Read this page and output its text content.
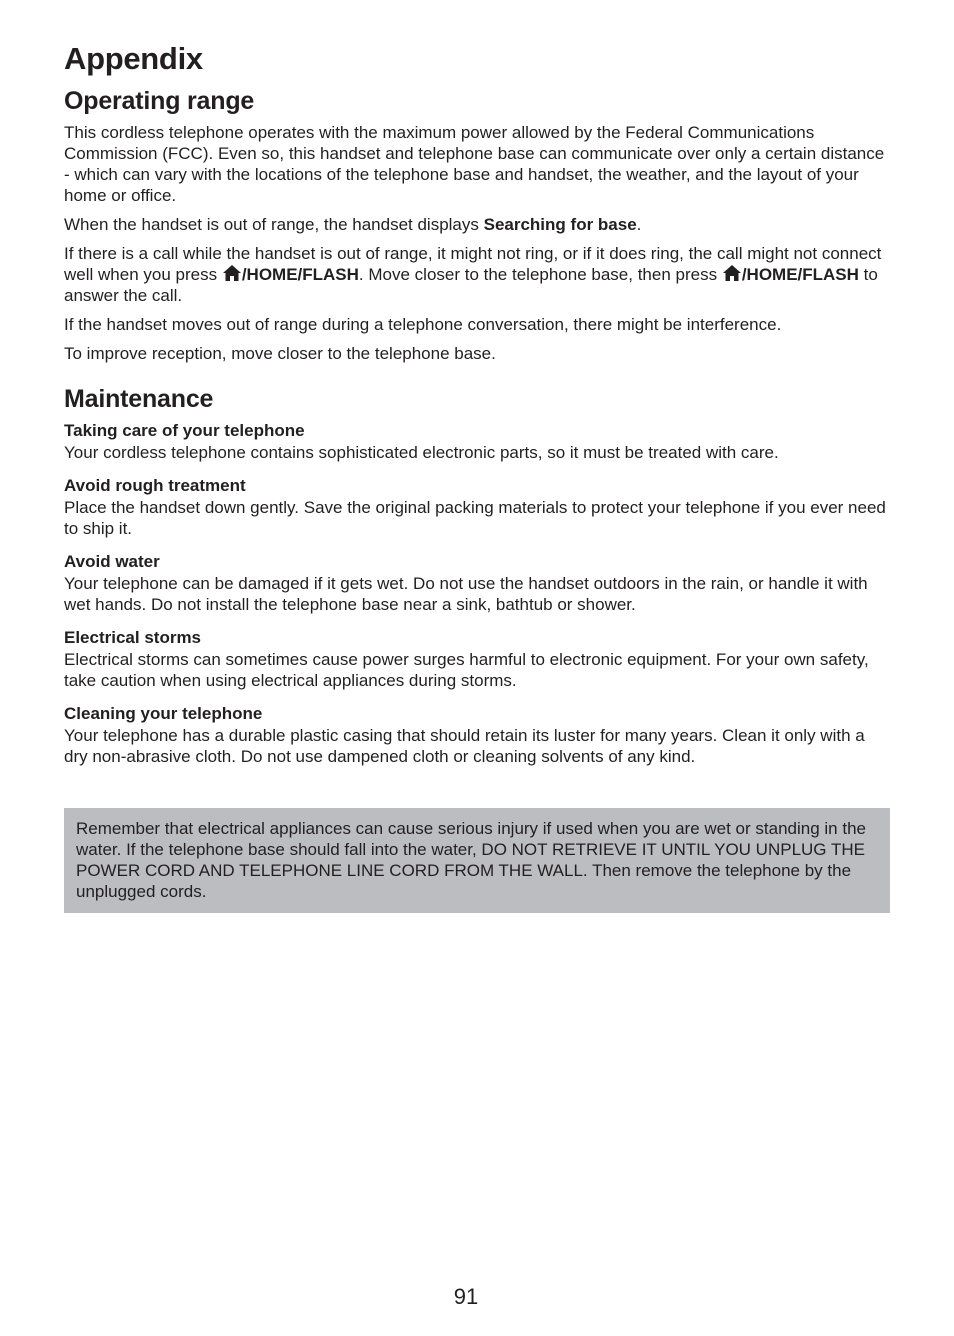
Appendix
Operating range

This cordless telephone operates with the maximum power allowed by the Federal Communications Commission (FCC). Even so, this handset and telephone base can communicate over only a certain distance - which can vary with the locations of the telephone base and handset, the weather, and the layout of your home or office.

When the handset is out of range, the handset displays Searching for base.

If there is a call while the handset is out of range, it might not ring, or if it does ring, the call might not connect well when you press /HOME/FLASH. Move closer to the telephone base, then press /HOME/FLASH to answer the call.

If the handset moves out of range during a telephone conversation, there might be interference.

To improve reception, move closer to the telephone base.

Maintenance
Taking care of your telephone

Your cordless telephone contains sophisticated electronic parts, so it must be treated with care.

Avoid rough treatment

Place the handset down gently. Save the original packing materials to protect your telephone if you ever need to ship it.

Avoid water

Your telephone can be damaged if it gets wet. Do not use the handset outdoors in the rain, or handle it with wet hands. Do not install the telephone base near a sink, bathtub or shower.

Electrical storms

Electrical storms can sometimes cause power surges harmful to electronic equipment. For your own safety, take caution when using electrical appliances during storms.

Cleaning your telephone

Your telephone has a durable plastic casing that should retain its luster for many years. Clean it only with a dry non-abrasive cloth. Do not use dampened cloth or cleaning solvents of any kind.

Remember that electrical appliances can cause serious injury if used when you are wet or standing in the water. If the telephone base should fall into the water, DO NOT RETRIEVE IT UNTIL YOU UNPLUG THE POWER CORD AND TELEPHONE LINE CORD FROM THE WALL. Then remove the telephone by the unplugged cords.

91
